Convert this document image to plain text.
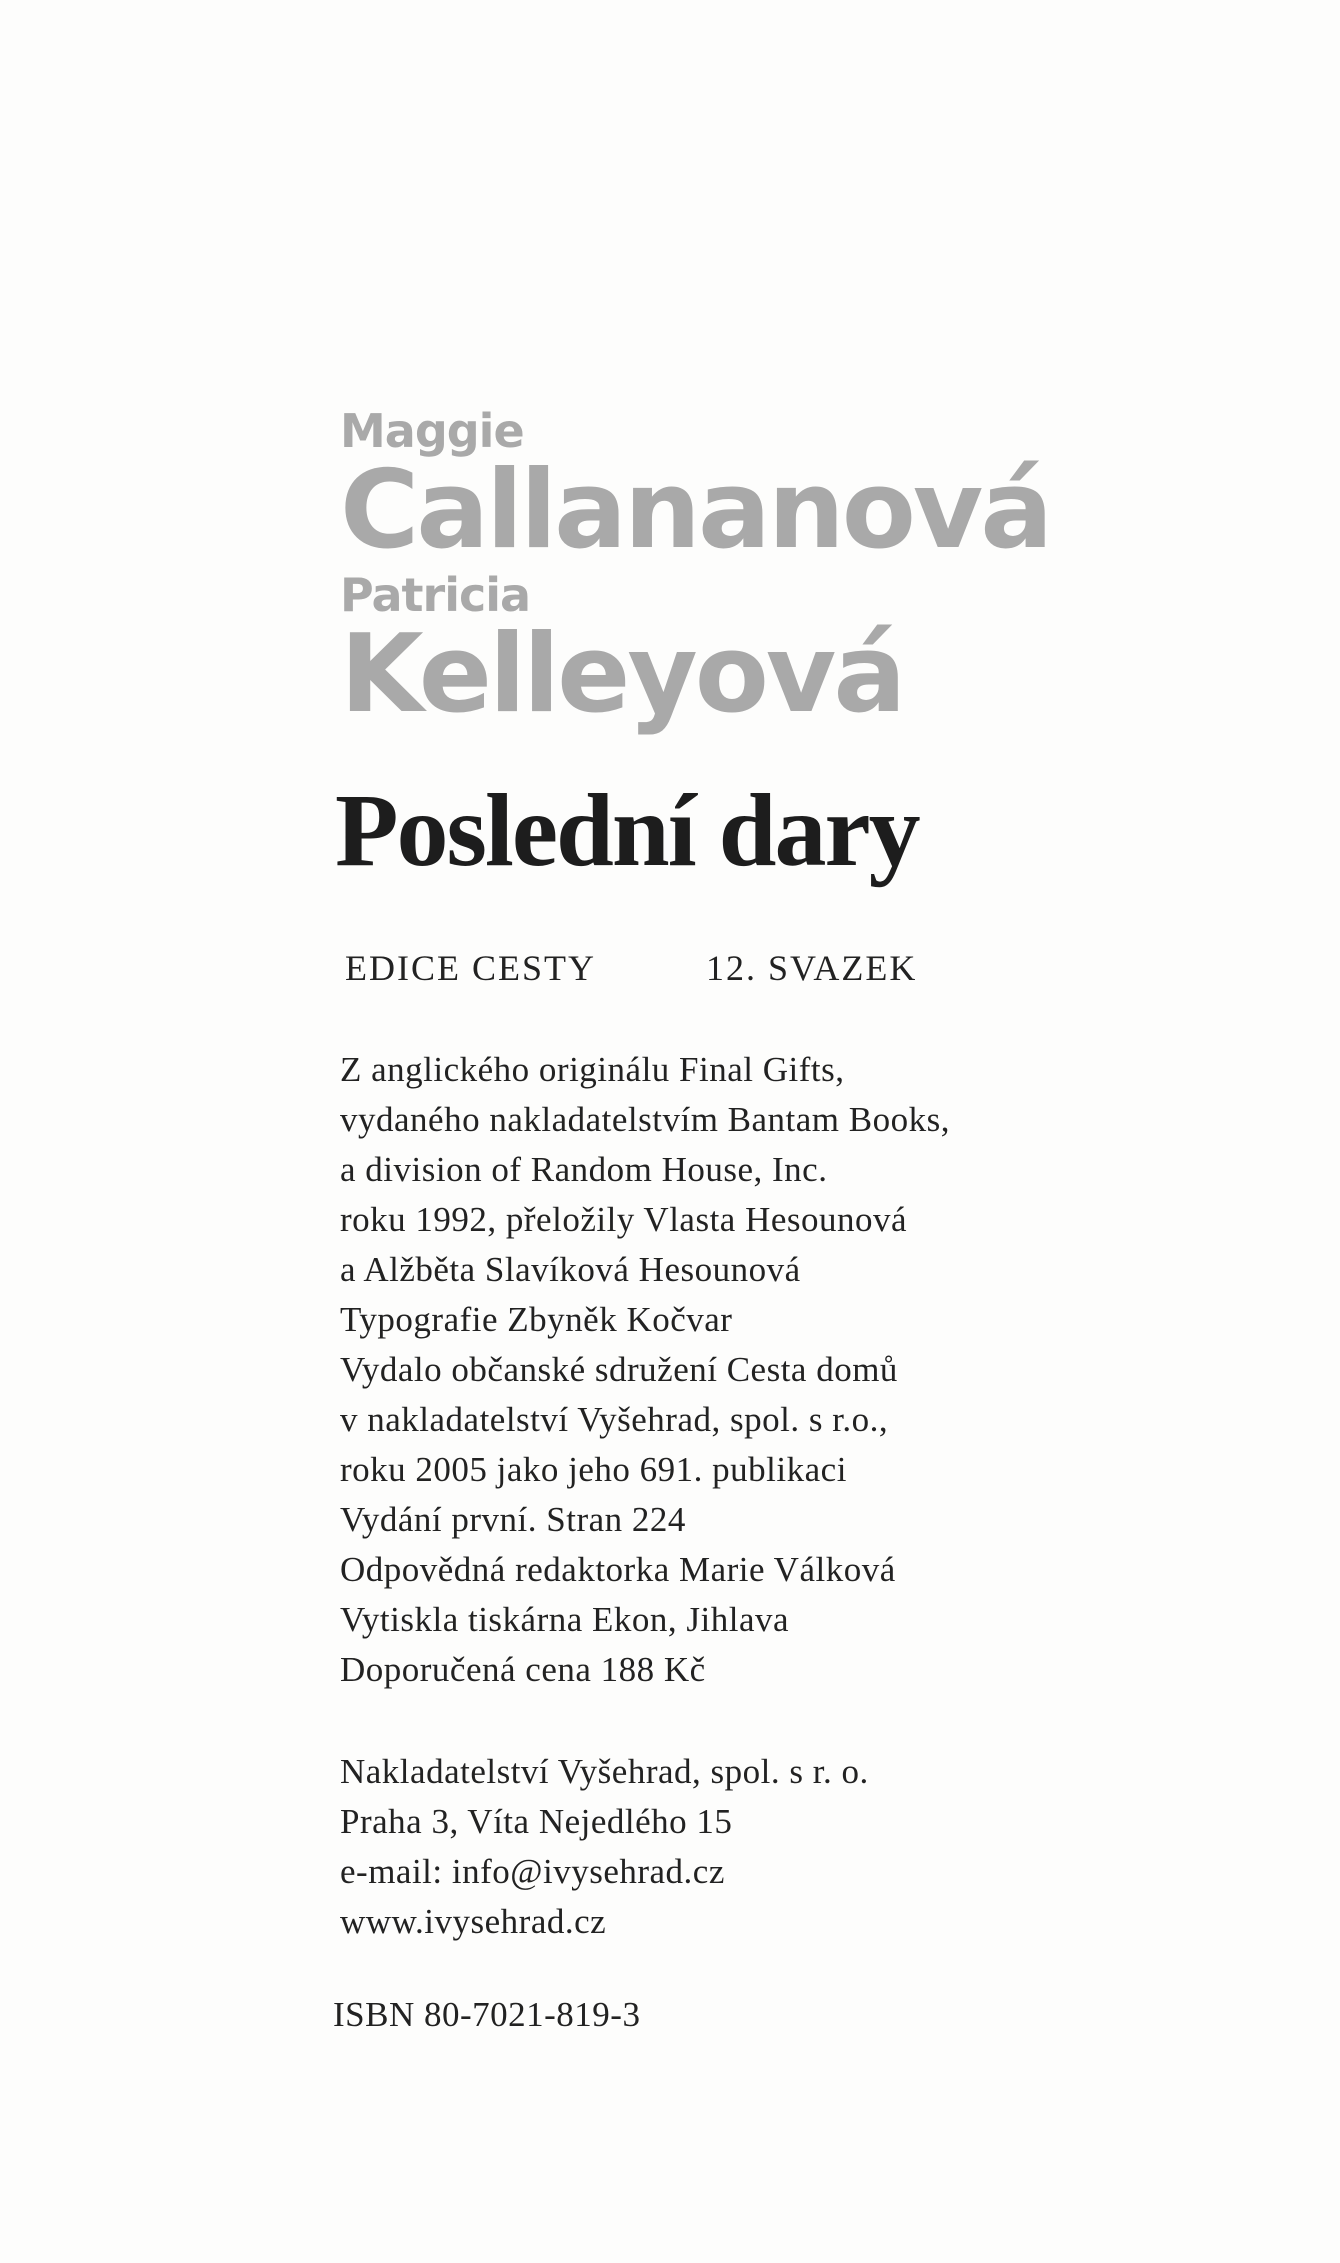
Maggie
Callananová
Patricia
Kelleyová
Poslední dary
EDICE CESTY	12. SVAZEK
Z anglického originálu Final Gifts,
vydaného nakladatelstvím Bantam Books,
a division of Random House, Inc.
roku 1992, přeložily Vlasta Hesounová
a Alžběta Slavíková Hesounová
Typografie Zbyněk Kočvar
Vydalo občanské sdružení Cesta domů
v nakladatelství Vyšehrad, spol. s r.o.,
roku 2005 jako jeho 691. publikaci
Vydání první. Stran 224
Odpovědná redaktorka Marie Válková
Vytiskla tiskárna Ekon, Jihlava
Doporučená cena 188 Kč
Nakladatelství Vyšehrad, spol. s r. o.
Praha 3, Víta Nejedlého 15
e-mail: info@ivysehrad.cz
www.ivysehrad.cz
ISBN 80-7021-819-3
